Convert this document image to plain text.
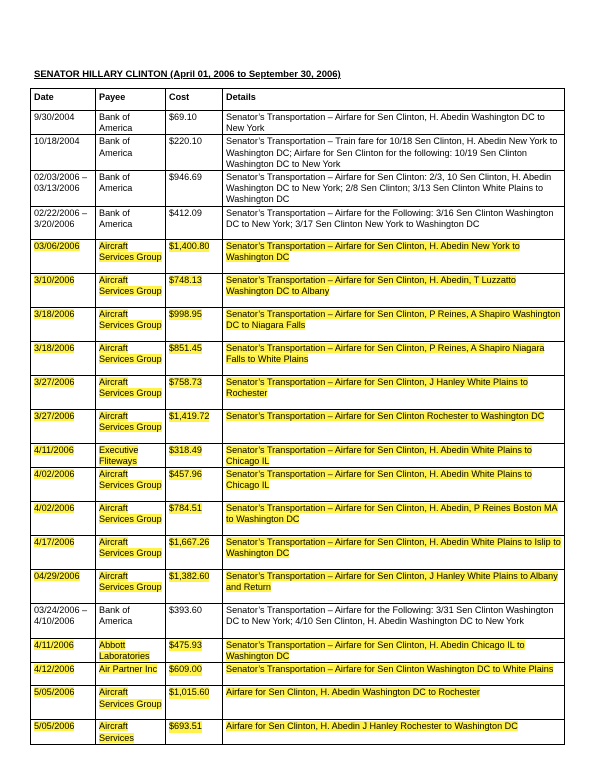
SENATOR HILLARY CLINTON (April 01, 2006 to September 30, 2006)
Date	Payee	Cost	Details
9/30/2004	Bank of America	$69.10	Senator’s Transportation – Airfare for Sen Clinton, H. Abedin Washington DC to New York
10/18/2004	Bank of America	$220.10	Senator’s Transportation – Train fare for 10/18 Sen Clinton, H. Abedin New York to Washington DC; Airfare for Sen Clinton for the following: 10/19 Sen Clinton Washington DC to New York
02/03/2006 – 03/13/2006	Bank of America	$946.69	Senator’s Transportation – Airfare for Sen Clinton: 2/3, 10 Sen Clinton, H. Abedin Washington DC to New York; 2/8 Sen Clinton; 3/13 Sen Clinton White Plains to Washington DC
02/22/2006 – 3/20/2006	Bank of America	$412.09	Senator’s Transportation – Airfare for the Following: 3/16 Sen Clinton Washington DC to New York; 3/17 Sen Clinton New York to Washington DC
03/06/2006	Aircraft Services Group	$1,400.80	Senator’s Transportation – Airfare for Sen Clinton, H. Abedin New York to Washington DC
3/10/2006	Aircraft Services Group	$748.13	Senator’s Transportation – Airfare for Sen Clinton, H. Abedin, T Luzzatto Washington DC to Albany
3/18/2006	Aircraft Services Group	$998.95	Senator’s Transportation – Airfare for Sen Clinton, P Reines, A Shapiro Washington DC to Niagara Falls
3/18/2006	Aircraft Services Group	$851.45	Senator’s Transportation – Airfare for Sen Clinton, P Reines, A Shapiro Niagara Falls to White Plains
3/27/2006	Aircraft Services Group	$758.73	Senator’s Transportation – Airfare for Sen Clinton, J Hanley White Plains to Rochester
3/27/2006	Aircraft Services Group	$1,419.72	Senator’s Transportation – Airfare for Sen Clinton Rochester to Washington DC
4/11/2006	Executive Fliteways	$318.49	Senator’s Transportation – Airfare for Sen Clinton, H. Abedin White Plains to Chicago IL
4/02/2006	Aircraft Services Group	$457.96	Senator’s Transportation – Airfare for Sen Clinton, H. Abedin White Plains to Chicago IL
4/02/2006	Aircraft Services Group	$784.51	Senator’s Transportation – Airfare for Sen Clinton, H. Abedin, P Reines Boston MA to Washington DC
4/17/2006	Aircraft Services Group	$1,667.26	Senator’s Transportation – Airfare for Sen Clinton, H. Abedin White Plains to Islip to Washington DC
04/29/2006	Aircraft Services Group	$1,382.60	Senator’s Transportation – Airfare for Sen Clinton, J Hanley White Plains to Albany and Return
03/24/2006 – 4/10/2006	Bank of America	$393.60	Senator’s Transportation – Airfare for the Following: 3/31 Sen Clinton Washington DC to New York; 4/10 Sen Clinton, H. Abedin Washington DC to New York
4/11/2006	Abbott Laboratories	$475.93	Senator’s Transportation – Airfare for Sen Clinton, H. Abedin Chicago IL to Washington DC
4/12/2006	Air Partner Inc	$609.00	Senator’s Transportation – Airfare for Sen Clinton Washington DC to White Plains
5/05/2006	Aircraft Services Group	$1,015.60	Airfare for Sen Clinton, H. Abedin Washington DC to Rochester
5/05/2006	Aircraft Services	$693.51	Airfare for Sen Clinton, H. Abedin J Hanley Rochester to Washington DC
